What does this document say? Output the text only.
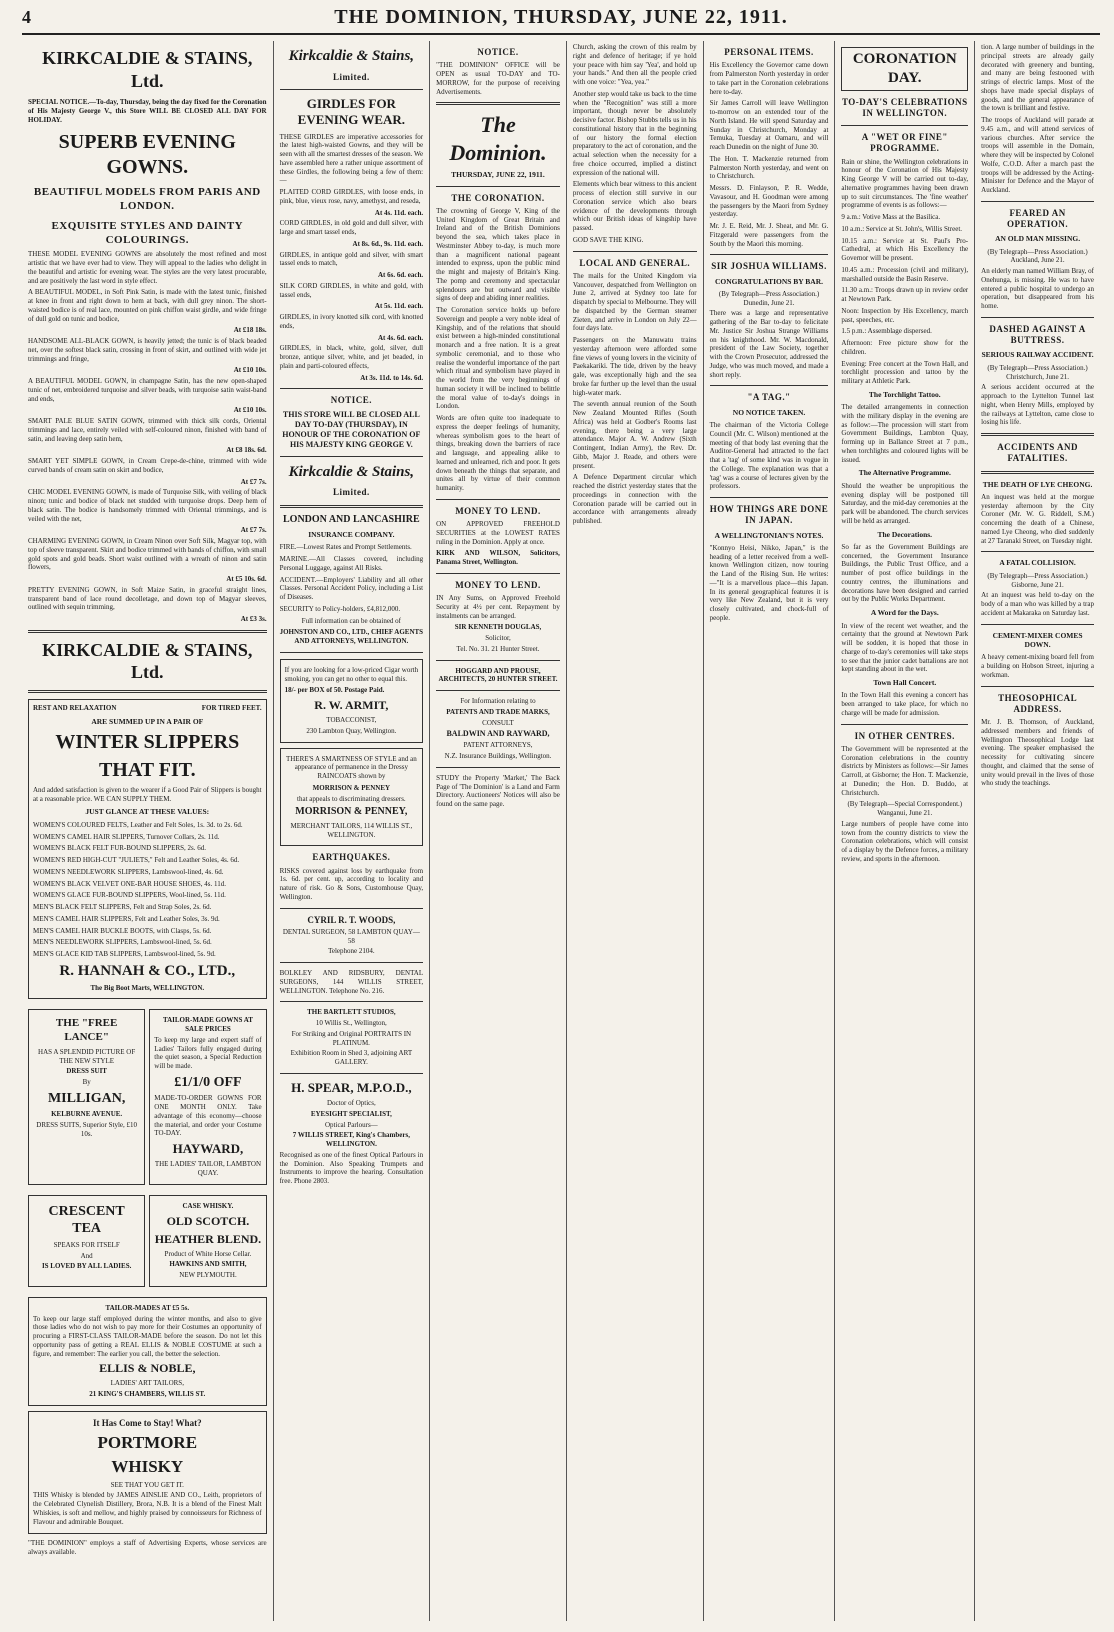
4	THE DOMINION, THURSDAY, JUNE 22, 1911.
KIRKCALDIE & STAINS, Ltd.

SPECIAL NOTICE.—To-day, Thursday, being the day fixed for the Coronation of His Majesty George V., this Store WILL BE CLOSED ALL DAY FOR HOLIDAY.

SUPERB EVENING GOWNS.
BEAUTIFUL MODELS FROM PARIS AND LONDON.
EXQUISITE STYLES AND DAINTY COLOURINGS.

THESE MODEL EVENING GOWNS are absolutely the most refined and most artistic that we have ever had to view. They will appeal to the ladies who delight in the beautiful and artistic for evening wear. The styles are the very latest procurable, and are positively the last word in style effect.

A BEAUTIFUL MODEL, in Soft Pink Satin, is made with the latest tunic, finished at knee in front and right down to hem at back, with dull grey ninon. The short-waisted bodice is of real lace, mounted on pink chiffon waist girdle, and wide fringe of dull gold on tunic and bodice,

At £18 18s.

HANDSOME ALL-BLACK GOWN, is heavily jetted; the tunic is of black beaded net, over the softest black satin, crossing in front of skirt, and outlined with wide jet trimmings and fringe,

At £10 10s.

A BEAUTIFUL MODEL GOWN, in champagne Satin, has the new open-shaped tunic of net, embroidered turquoise and silver beads, with turquoise satin waist-band and ends,

At £10 10s.

SMART PALE BLUE SATIN GOWN, trimmed with thick silk cords, Oriental trimmings and lace, entirely veiled with self-coloured ninon, finished with band of satin, and leaving deep satin hem,

At £8 18s. 6d.

SMART YET SIMPLE GOWN, in Cream Crepe-de-chine, trimmed with wide curved bands of cream satin on skirt and bodice,

At £7 7s.

CHIC MODEL EVENING GOWN, is made of Turquoise Silk, with veiling of black ninon; tunic and bodice of black net studded with turquoise drops. Deep hem of black satin. The bodice is handsomely trimmed with Oriental trimmings, and is veiled with the net,

At £7 7s.

CHARMING EVENING GOWN, in Cream Ninon over Soft Silk, Magyar top, with top of sleeve transparent. Skirt and bodice trimmed with bands of chiffon, with small gold spots and gold beads. Short waist outlined with a wreath of ninon and satin flowers,

At £5 10s. 6d.

PRETTY EVENING GOWN, in Soft Maize Satin, in graceful straight lines, transparent band of lace round decolletage, and down top of Magyar sleeves, outlined with sequin trimming,

At £3 3s.
KIRKCALDIE & STAINS, Ltd.
REST AND RELAXATION	FOR TIRED FEET.
ARE SUMMED UP IN A PAIR OF
WINTER SLIPPERS
THAT FIT.

And added satisfaction is given to the wearer if a Good Pair of Slippers is bought at a reasonable price. WE CAN SUPPLY THEM.

JUST GLANCE AT THESE VALUES:

WOMEN'S COLOURED FELTS, Leather and Felt Soles, 1s. 3d. to 2s. 6d.

WOMEN'S CAMEL HAIR SLIPPERS, Turnover Collars, 2s. 11d.

WOMEN'S BLACK FELT FUR-BOUND SLIPPERS, 2s. 6d.

WOMEN'S RED HIGH-CUT "JULIETS," Felt and Leather Soles, 4s. 6d.

WOMEN'S NEEDLEWORK SLIPPERS, Lambswool-lined, 4s. 6d.

WOMEN'S BLACK VELVET ONE-BAR HOUSE SHOES, 4s. 11d.

WOMEN'S GLACE FUR-BOUND SLIPPERS, Wool-lined, 5s. 11d.

MEN'S BLACK FELT SLIPPERS, Felt and Strap Soles, 2s. 6d.

MEN'S CAMEL HAIR SLIPPERS, Felt and Leather Soles, 3s. 9d.

MEN'S CAMEL HAIR BUCKLE BOOTS, with Clasps, 5s. 6d.

MEN'S NEEDLEWORK SLIPPERS, Lambswool-lined, 5s. 6d.

MEN'S GLACE KID TAB SLIPPERS, Lambswool-lined, 5s. 9d.

R. HANNAH & CO., LTD.,
The Big Boot Marts, WELLINGTON.
THE "FREE LANCE"
HAS A SPLENDID PICTURE OF THE NEW STYLE
DRESS SUIT
By
MILLIGAN,
KELBURNE AVENUE.
DRESS SUITS, Superior Style, £10 10s.
TAILOR-MADE GOWNS AT SALE PRICES

To keep my large and expert staff of Ladies' Tailors fully engaged during the quiet season, a Special Reduction will be made.

£1/1/0 OFF

MADE-TO-ORDER GOWNS FOR ONE MONTH ONLY. Take advantage of this economy—choose the material, and order your Costume TO-DAY.

HAYWARD,
THE LADIES' TAILOR, LAMBTON QUAY.
CRESCENT TEA
SPEAKS FOR ITSELF
And
IS LOVED BY ALL LADIES.
CASE WHISKY.
OLD SCOTCH.
HEATHER BLEND.
Product of White Horse Cellar.
HAWKINS AND SMITH,
NEW PLYMOUTH.
TAILOR-MADES AT £5 5s.

To keep our large staff employed during the winter months, and also to give those ladies who do not wish to pay more for their Costumes an opportunity of procuring a FIRST-CLASS TAILOR-MADE before the season. Do not let this opportunity pass of getting a REAL ELLIS & NOBLE COSTUME at such a figure, and remember: The earlier you call, the better the selection.

ELLIS & NOBLE,
LADIES' ART TAILORS,
21 KING'S CHAMBERS, WILLIS ST.
It Has Come to Stay! What?
PORTMORE
WHISKY
SEE THAT YOU GET IT.

THIS Whisky is blended by JAMES AINSLIE AND CO., Leith, proprietors of the Celebrated Clynelish Distillery, Brora, N.B. It is a blend of the Finest Malt Whiskies, is soft and mellow, and highly praised by connoisseurs for Richness of Flavour and admirable Bouquet.

"THE DOMINION" employs a staff of Advertising Experts, whose services are always available.

Kirkcaldie & Stains,
Limited.
GIRDLES FOR EVENING WEAR.

THESE GIRDLES are imperative accessories for the latest high-waisted Gowns, and they will be seen with all the smartest dresses of the season. We have assembled here a rather unique assortment of these Girdles, the following being a few of them:—

PLAITED CORD GIRDLES, with loose ends, in pink, blue, vieux rose, navy, amethyst, and reseda,

At 4s. 11d. each.

CORD GIRDLES, in old gold and dull silver, with large and smart tassel ends,

At 8s. 6d., 9s. 11d. each.

GIRDLES, in antique gold and silver, with smart tassel ends to match,

At 6s. 6d. each.

SILK CORD GIRDLES, in white and gold, with tassel ends,

At 5s. 11d. each.

GIRDLES, in ivory knotted silk cord, with knotted ends,

At 4s. 6d. each.

GIRDLES, in black, white, gold, silver, dull bronze, antique silver, white, and jet beaded, in plain and parti-coloured effects,

At 3s. 11d. to 14s. 6d.
NOTICE.

THIS STORE WILL BE CLOSED ALL DAY TO-DAY (THURSDAY), IN HONOUR OF THE CORONATION OF HIS MAJESTY KING GEORGE V.

Kirkcaldie & Stains,
Limited.
LONDON AND LANCASHIRE
INSURANCE COMPANY.

FIRE.—Lowest Rates and Prompt Settlements.

MARINE.—All Classes covered, including Personal Luggage, against All Risks.

ACCIDENT.—Employers' Liability and all other Classes. Personal Accident Policy, including a List of Diseases.

SECURITY to Policy-holders, £4,812,000.

Full information can be obtained of

JOHNSTON AND CO., LTD., CHIEF AGENTS AND ATTORNEYS, WELLINGTON.

If you are looking for a low-priced Cigar worth smoking, you can get no other to equal this.

18/- per BOX of 50. Postage Paid.

R. W. ARMIT,
TOBACCONIST,
230 Lambton Quay, Wellington.

THERE'S A SMARTNESS OF STYLE and an appearance of permanence in the Dressy RAINCOATS shown by

MORRISON & PENNEY
that appeals to discriminating dressers.
MORRISON & PENNEY,
MERCHANT TAILORS, 114 WILLIS ST., WELLINGTON.
EARTHQUAKES.

RISKS covered against loss by earthquake from 1s. 6d. per cent. up, according to locality and nature of risk. Go & Sons, Customhouse Quay, Wellington.

CYRIL R. T. WOODS,
DENTAL SURGEON, 58 LAMBTON QUAY—58
Telephone 2104.

BOLKLEY AND RIDSBURY, DENTAL SURGEONS, 144 WILLIS STREET, WELLINGTON. Telephone No. 216.

THE BARTLETT STUDIOS,
10 Willis St., Wellington,
For Striking and Original PORTRAITS IN PLATINUM.
Exhibition Room in Shed 3, adjoining ART GALLERY.
H. SPEAR, M.P.O.D.,
Doctor of Optics,
EYESIGHT SPECIALIST,
Optical Parlours—
7 WILLIS STREET, King's Chambers, WELLINGTON.

Recognised as one of the finest Optical Parlours in the Dominion. Also Speaking Trumpets and Instruments to improve the hearing. Consultation free. Phone 2803.

NOTICE.

"THE DOMINION" OFFICE will be OPEN as usual TO-DAY and TO-MORROW, for the purpose of receiving Advertisements.

The Dominion.
THURSDAY, JUNE 22, 1911.
THE CORONATION.

The crowning of George V, King of the United Kingdom of Great Britain and Ireland and of the British Dominions beyond the sea, which takes place in Westminster Abbey to-day, is much more than a magnificent national pageant intended to express, upon the public mind the might and majesty of Britain's King. The pomp and ceremony and spectacular splendours are but outward and visible signs of deep and abiding inner realities.

The Coronation service holds up before Sovereign and people a very noble ideal of Kingship, and of the relations that should exist between a high-minded constitutional monarch and a free nation. It is a great symbolic ceremonial, and to those who realise the wonderful importance of the part which ritual and symbolism have played in the world from the very beginnings of human society it will be inclined to belittle the moral value of to-day's doings in London.

Words are often quite too inadequate to express the deeper feelings of humanity, whereas symbolism goes to the heart of things, breaking down the barriers of race and language, and appealing alike to learned and unlearned, rich and poor. It gets down beneath the things that separate, and unites all by virtue of their common humanity.

MONEY TO LEND.

ON APPROVED FREEHOLD SECURITIES at the LOWEST RATES ruling in the Dominion. Apply at once.

KIRK AND WILSON, Solicitors, Panama Street, Wellington.

MONEY TO LEND.

IN Any Sums, on Approved Freehold Security at 4½ per cent. Repayment by instalments can be arranged.

SIR KENNETH DOUGLAS,
Solicitor,
Tel. No. 31. 21 Hunter Street.

HOGGARD AND PROUSE, ARCHITECTS, 20 HUNTER STREET.

For Information relating to
PATENTS AND TRADE MARKS,
CONSULT
BALDWIN AND RAYWARD,
PATENT ATTORNEYS,
N.Z. Insurance Buildings, Wellington.

STUDY the Property 'Market,' The Back Page of 'The Dominion' is a Land and Farm Directory. Auctioneers' Notices will also be found on the same page.

Church, asking the crown of this realm by right and defence of heritage; if ye hold your peace with him say 'Yea', and hold up your hands." And then all the people cried with one voice: "Yea, yea."

Another step would take us back to the time when the "Recognition" was still a more important, though never be absolutely decisive factor. Bishop Stubbs tells us in his constitutional history that in the beginning of our history the formal election preparatory to the act of coronation, and the actual selection when the necessity for a free choice occurred, implied a distinct expression of the national will.

Elements which bear witness to this ancient process of election still survive in our Coronation service which also bears evidence of the developments through which our British ideas of kingship have passed.

GOD SAVE THE KING.

LOCAL AND GENERAL.

The mails for the United Kingdom via Vancouver, despatched from Wellington on June 2, arrived at Sydney too late for dispatch by special to Melbourne. They will be dispatched by the German steamer Zieten, and arrive in London on July 22—four days late.

Passengers on the Manuwatu trains yesterday afternoon were afforded some fine views of young lovers in the vicinity of Paekakariki. The tide, driven by the heavy gale, was exceptionally high and the sea broke far further up the level than the usual high-water mark.

The seventh annual reunion of the South New Zealand Mounted Rifles (South Africa) was held at Godber's Rooms last evening, there being a very large attendance. Major A. W. Andrew (Sixth Contingent, Indian Army), the Rev. Dr. Gibb, Major J. Reade, and others were present.

A Defence Department circular which reached the district yesterday states that the proceedings in connection with the Coronation parade will be carried out in accordance with arrangements already published.

PERSONAL ITEMS.

His Excellency the Governor came down from Palmerston North yesterday in order to take part in the Coronation celebrations here to-day.

Sir James Carroll will leave Wellington to-morrow on an extended tour of the North Island. He will spend Saturday and Sunday in Christchurch, Monday at Temuka, Tuesday at Oamaru, and will reach Dunedin on the night of June 30.

The Hon. T. Mackenzie returned from Palmerston North yesterday, and went on to Christchurch.

Messrs. D. Finlayson, P. R. Wedde, Vavasour, and H. Goodman were among the passengers by the Maori from Sydney yesterday.

Mr. J. E. Reid, Mr. J. Sheat, and Mr. G. Fitzgerald were passengers from the South by the Maori this morning.

SIR JOSHUA WILLIAMS.
CONGRATULATIONS BY BAR.
(By Telegraph—Press Association.) Dunedin, June 21.

There was a large and representative gathering of the Bar to-day to felicitate Mr. Justice Sir Joshua Strange Williams on his knighthood. Mr. W. Macdonald, president of the Law Society, together with the Crown Prosecutor, addressed the Judge, who was much moved, and made a short reply.

"A TAG."
NO NOTICE TAKEN.

The chairman of the Victoria College Council (Mr. C. Wilson) mentioned at the meeting of that body last evening that the Auditor-General had attracted to the fact that a 'tag' of some kind was in vogue in the College. The explanation was that a 'tag' was a course of lectures given by the professors.

HOW THINGS ARE DONE IN JAPAN.
A WELLINGTONIAN'S NOTES.

"Konnyo Heisi, Nikko, Japan," is the heading of a letter received from a well-known Wellington citizen, now touring the Land of the Rising Sun. He writes:—"It is a marvellous place—this Japan. In its general geographical features it is very like New Zealand, but it is very closely cultivated, and chock-full of people.

CORONATION DAY.
TO-DAY'S CELEBRATIONS IN WELLINGTON.
A "WET OR FINE" PROGRAMME.

Rain or shine, the Wellington celebrations in honour of the Coronation of His Majesty King George V will be carried out to-day, alternative programmes having been drawn up to suit circumstances. The 'fine weather' programme of events is as follows:—

9 a.m.: Votive Mass at the Basilica.

10 a.m.: Service at St. John's, Willis Street.

10.15 a.m.: Service at St. Paul's Pro-Cathedral, at which His Excellency the Governor will be present.

10.45 a.m.: Procession (civil and military), marshalled outside the Basin Reserve.

11.30 a.m.: Troops drawn up in review order at Newtown Park.

Noon: Inspection by His Excellency, march past, speeches, etc.

1.5 p.m.: Assemblage dispersed.

Afternoon: Free picture show for the children.

Evening: Free concert at the Town Hall, and torchlight procession and tattoo by the military at Athletic Park.

The Torchlight Tattoo.

The detailed arrangements in connection with the military display in the evening are as follow:—The procession will start from Government Buildings, Lambton Quay, forming up in Ballance Street at 7 p.m., when torchlights and coloured lights will be issued.

The Alternative Programme.

Should the weather be unpropitious the evening display will be postponed till Saturday, and the mid-day ceremonies at the park will be abandoned. The church services will be held as arranged.

The Decorations.

So far as the Government Buildings are concerned, the Government Insurance Buildings, the Public Trust Office, and a number of post office buildings in the country centres, the illuminations and decorations have been designed and carried out by the Public Works Department.

A Word for the Days.

In view of the recent wet weather, and the certainty that the ground at Newtown Park will be sodden, it is hoped that those in charge of to-day's ceremonies will take steps to see that the junior cadet battalions are not kept standing about in the wet.

Town Hall Concert.

In the Town Hall this evening a concert has been arranged to take place, for which no charge will be made for admission.

IN OTHER CENTRES.

The Government will be represented at the Coronation celebrations in the country districts by Ministers as follows:—Sir James Carroll, at Gisborne; the Hon. T. Mackenzie, at Dunedin; the Hon. D. Buddo, at Christchurch.

(By Telegraph—Special Correspondent.) Wanganui, June 21.

Large numbers of people have come into town from the country districts to view the Coronation celebrations, which will consist of a display by the Defence forces, a military review, and sports in the afternoon.

tion. A large number of buildings in the principal streets are already gaily decorated with greenery and bunting, and many are being festooned with strings of electric lamps. Most of the shops have made special displays of goods, and the general appearance of the town is brilliant and festive.

The troops of Auckland will parade at 9.45 a.m., and will attend services of various churches. After service the troops will assemble in the Domain, where they will be inspected by Colonel Wolfe, C.O.D. After a march past the troops will be addressed by the Acting-Minister for Defence and the Mayor of Auckland.

FEARED AN OPERATION.
AN OLD MAN MISSING.
(By Telegraph—Press Association.) Auckland, June 21.

An elderly man named William Bray, of Onehunga, is missing. He was to have entered a public hospital to undergo an operation, but disappeared from his home.

DASHED AGAINST A BUTTRESS.
SERIOUS RAILWAY ACCIDENT.
(By Telegraph—Press Association.) Christchurch, June 21.

A serious accident occurred at the approach to the Lyttelton Tunnel last night, when Henry Mills, employed by the railways at Lyttelton, came close to losing his life.

ACCIDENTS AND FATALITIES.
THE DEATH OF LYE CHEONG.

An inquest was held at the morgue yesterday afternoon by the City Coroner (Mr. W. G. Riddell, S.M.) concerning the death of a Chinese, named Lye Cheong, who died suddenly at 27 Taranaki Street, on Tuesday night.

A FATAL COLLISION.
(By Telegraph—Press Association.) Gisborne, June 21.

At an inquest was held to-day on the body of a man who was killed by a trap accident at Makaraka on Saturday last.

CEMENT-MIXER COMES DOWN.

A heavy cement-mixing board fell from a building on Hobson Street, injuring a workman.

THEOSOPHICAL ADDRESS.

Mr. J. B. Thomson, of Auckland, addressed members and friends of Wellington Theosophical Lodge last evening. The speaker emphasised the necessity for cultivating sincere thought, and claimed that the sense of unity would prevail in the lives of those who study the teachings.
